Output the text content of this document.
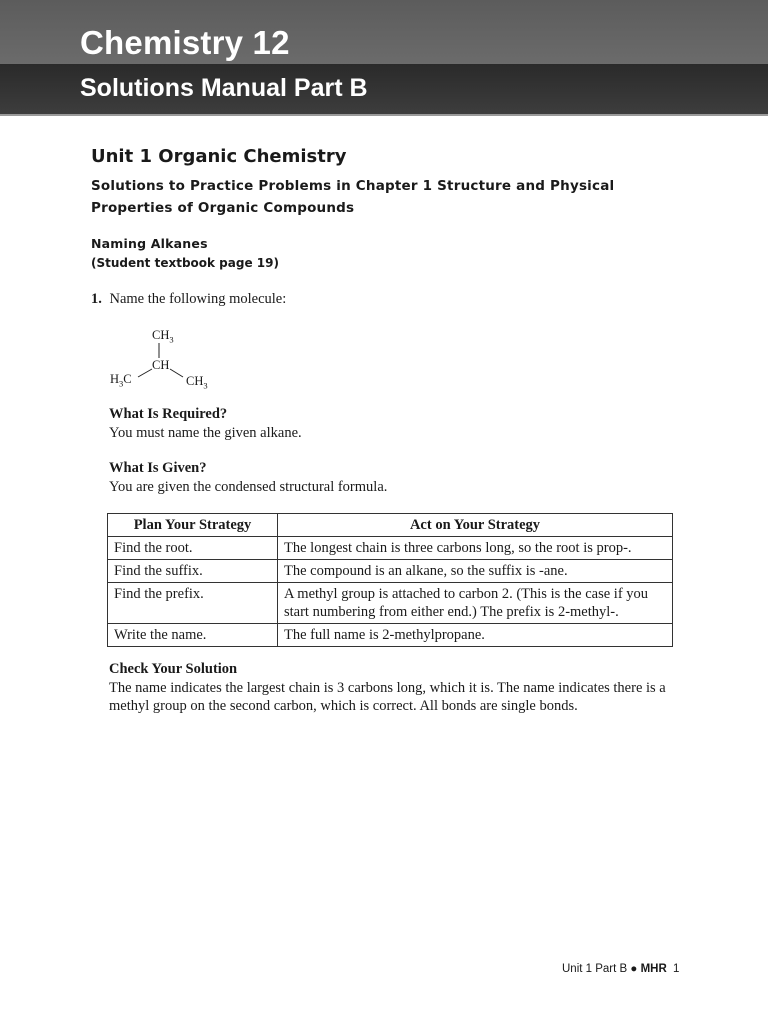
Chemistry 12
Solutions Manual Part B
Unit 1 Organic Chemistry
Solutions to Practice Problems in Chapter 1 Structure and Physical Properties of Organic Compounds
Naming Alkanes

(Student textbook page 19)

1. Name the following molecule:

$CH_3$
CH
$H_3C$	$CH_3$

What Is Required?

You must name the given alkane.

What Is Given?

You are given the condensed structural formula.

Plan Your Strategy	Act on Your Strategy
Find the root.	The longest chain is three carbons long, so the root is prop-.
Find the suffix.	The compound is an alkane, so the suffix is -ane.
Find the prefix.	A methyl group is attached to carbon 2. (This is the case if you start numbering from either end.) The prefix is 2-methyl-.
Write the name.	The full name is 2-methylpropane.

Check Your Solution

The name indicates the largest chain is 3 carbons long, which it is. The name indicates there is a methyl group on the second carbon, which is correct. All bonds are single bonds.

Unit 1 Part B ● MHR 1
